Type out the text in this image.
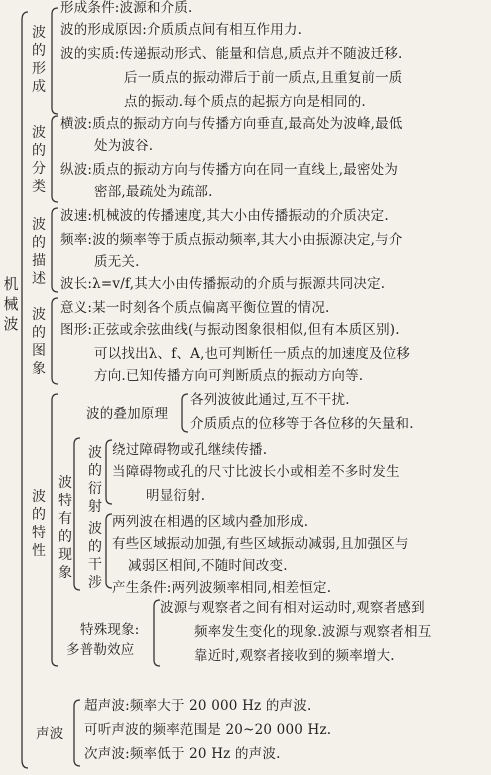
机械波
波的形成
形成条件:波源和介质.
波的形成原因:介质质点间有相互作用力.
波的实质:传递振动形式、能量和信息,质点并不随波迁移.
后一质点的振动滞后于前一质点,且重复前一质
点的振动.每个质点的起振方向是相同的.
波的分类
横波:质点的振动方向与传播方向垂直,最高处为波峰,最低
处为波谷.
纵波:质点的振动方向与传播方向在同一直线上,最密处为
密部,最疏处为疏部.
波的描述
波速:机械波的传播速度,其大小由传播振动的介质决定.
频率:波的频率等于质点振动频率,其大小由振源决定,与介
质无关.
波长:λ=v/f,其大小由传播振动的介质与振源共同决定.
波的图象
意义:某一时刻各个质点偏离平衡位置的情况.
图形:正弦或余弦曲线(与振动图象很相似,但有本质区别).
可以找出λ、f、A,也可判断任一质点的加速度及位移
方向.已知传播方向可判断质点的振动方向等.
波的特性
波的叠加原理
各列波彼此通过,互不干扰.
介质质点的位移等于各位移的矢量和.
波特有的现象
波的衍射
绕过障碍物或孔继续传播.
当障碍物或孔的尺寸比波长小或相差不多时发生
明显衍射.
波的干涉
两列波在相遇的区域内叠加形成.
有些区域振动加强,有些区域振动减弱,且加强区与
减弱区相间,不随时间改变.
产生条件:两列波频率相同,相差恒定.
特殊现象:
多普勒效应
波源与观察者之间有相对运动时,观察者感到
频率发生变化的现象.波源与观察者相互
靠近时,观察者接收到的频率增大.
声波
超声波:频率大于 20 000 Hz 的声波.
可听声波的频率范围是 20~20 000 Hz.
次声波:频率低于 20 Hz 的声波.
